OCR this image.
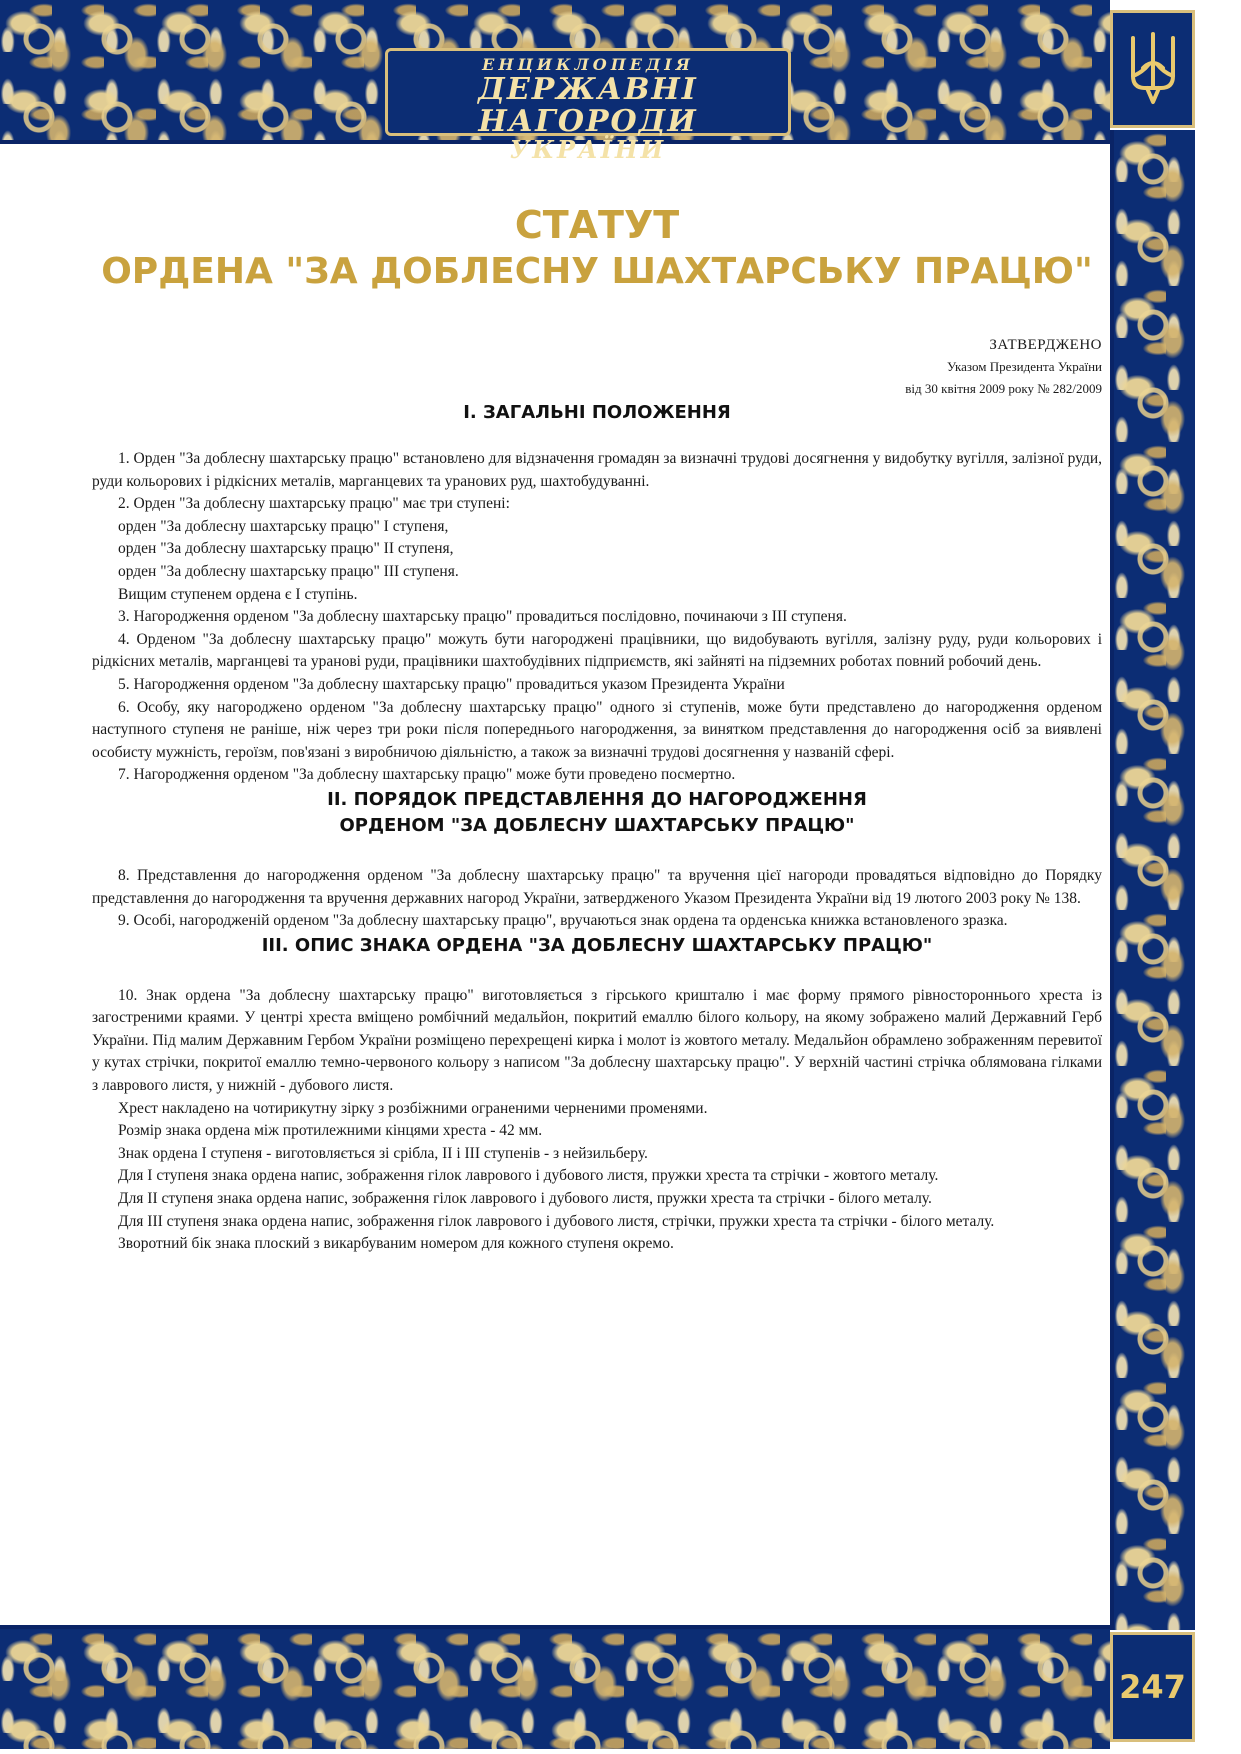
ЕНЦИКЛОПЕДІЯ
ДЕРЖАВНІ НАГОРОДИ
УКРАЇНИ
247
СТАТУТ
ОРДЕНА "ЗА ДОБЛЕСНУ ШАХТАРСЬКУ ПРАЦЮ"
ЗАТВЕРДЖЕНО
Указом Президента України
від 30 квітня 2009 року № 282/2009
I. ЗАГАЛЬНІ ПОЛОЖЕННЯ

1. Орден "За доблесну шахтарську працю" встановлено для відзначення громадян за визначні трудові досягнення у видобутку вугілля, залізної руди, руди кольорових і рідкісних металів, марганцевих та уранових руд, шахтобудуванні.

2. Орден "За доблесну шахтарську працю" має три ступені:

орден "За доблесну шахтарську працю" I ступеня,

орден "За доблесну шахтарську працю" II ступеня,

орден "За доблесну шахтарську працю" III ступеня.

Вищим ступенем ордена є I ступінь.

3. Нагородження орденом "За доблесну шахтарську працю" провадиться послідовно, починаючи з III ступеня.

4. Орденом "За доблесну шахтарську працю" можуть бути нагороджені працівники, що видобувають вугілля, залізну руду, руди кольорових і рідкісних металів, марганцеві та уранові руди, працівники шахтобудівних підприємств, які зайняті на підземних роботах повний робочий день.

5. Нагородження орденом "За доблесну шахтарську працю" провадиться указом Президента України

6. Особу, яку нагороджено орденом "За доблесну шахтарську працю" одного зі ступенів, може бути представлено до нагородження орденом наступного ступеня не раніше, ніж через три роки після попереднього нагородження, за винятком представлення до нагородження осіб за виявлені особисту мужність, героїзм, пов'язані з виробничою діяльністю, а також за визначні трудові досягнення у названій сфері.

7. Нагородження орденом "За доблесну шахтарську працю" може бути проведено посмертно.

II. ПОРЯДОК ПРЕДСТАВЛЕННЯ ДО НАГОРОДЖЕННЯ
ОРДЕНОМ "ЗА ДОБЛЕСНУ ШАХТАРСЬКУ ПРАЦЮ"

8. Представлення до нагородження орденом "За доблесну шахтарську працю" та вручення цієї нагороди провадяться відповідно до Порядку представлення до нагородження та вручення державних нагород України, затвердженого Указом Президента України від 19 лютого 2003 року № 138.

9. Особі, нагородженій орденом "За доблесну шахтарську працю", вручаються знак ордена та орденська книжка встановленого зразка.

III. ОПИС ЗНАКА ОРДЕНА "ЗА ДОБЛЕСНУ ШАХТАРСЬКУ ПРАЦЮ"

10. Знак ордена "За доблесну шахтарську працю" виготовляється з гірського кришталю і має форму прямого рівностороннього хреста із загостреними краями. У центрі хреста вміщено ромбічний медальйон, покритий емаллю білого кольору, на якому зображено малий Державний Герб України. Під малим Державним Гербом України розміщено перехрещені кирка і молот із жовтого металу. Медальйон обрамлено зображенням перевитої у кутах стрічки, покритої емаллю темно-червоного кольору з написом "За доблесну шахтарську працю". У верхній частині стрічка облямована гілками з лаврового листя, у нижній - дубового листя.

Хрест накладено на чотирикутну зірку з розбіжними ограненими черненими променями.

Розмір знака ордена між протилежними кінцями хреста - 42 мм.

Знак ордена I ступеня - виготовляється зі срібла, II і III ступенів - з нейзильберу.

Для I ступеня знака ордена напис, зображення гілок лаврового і дубового листя, пружки хреста та стрічки - жовтого металу.

Для II ступеня знака ордена напис, зображення гілок лаврового і дубового листя, пружки хреста та стрічки - білого металу.

Для III ступеня знака ордена напис, зображення гілок лаврового і дубового листя, стрічки, пружки хреста та стрічки - білого металу.

Зворотний бік знака плоский з викарбуваним номером для кожного ступеня окремо.
